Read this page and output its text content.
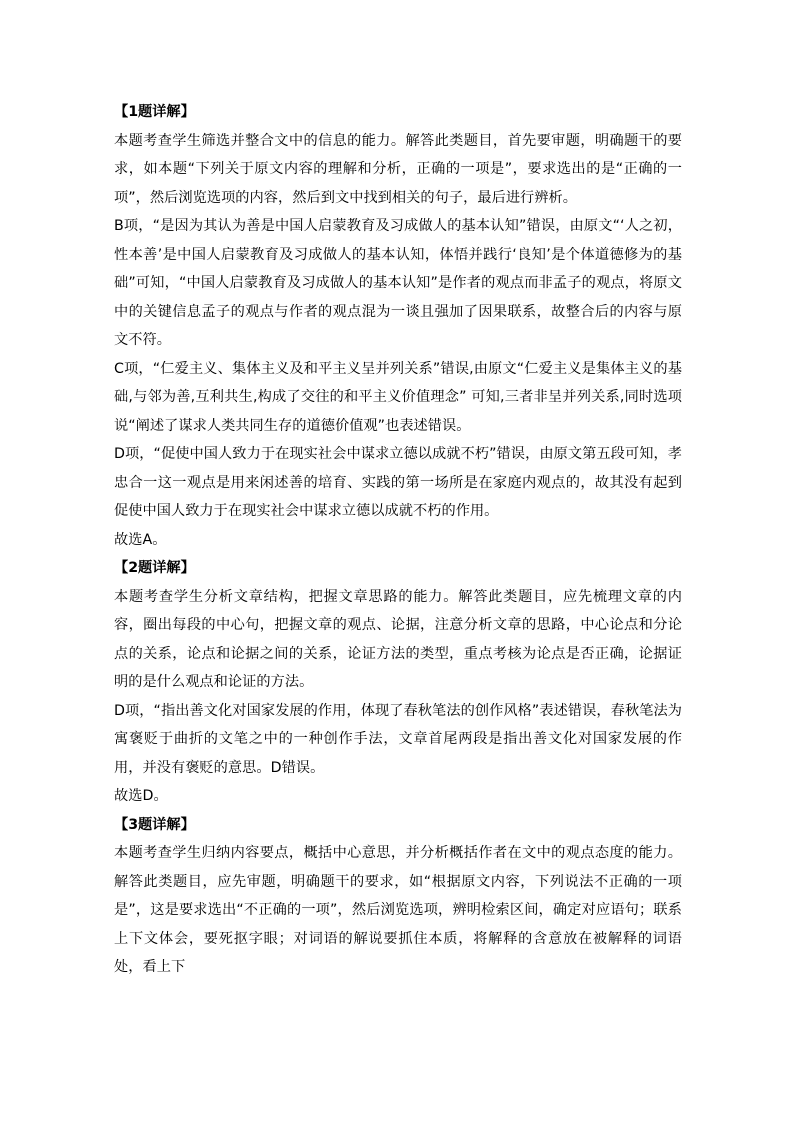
【1题详解】

本题考查学生筛选并整合文中的信息的能力。解答此类题目，首先要审题，明确题干的要求，如本题“下列关于原文内容的理解和分析，正确的一项是”，要求选出的是“正确的一项”，然后浏览选项的内容，然后到文中找到相关的句子，最后进行辨析。

B项，“是因为其认为善是中国人启蒙教育及习成做人的基本认知”错误，由原文“‘人之初，性本善’是中国人启蒙教育及习成做人的基本认知，体悟并践行‘良知’是个体道德修为的基础”可知，“中国人启蒙教育及习成做人的基本认知”是作者的观点而非孟子的观点，将原文中的关键信息孟子的观点与作者的观点混为一谈且强加了因果联系，故整合后的内容与原文不符。

C项，“仁爱主义、集体主义及和平主义呈并列关系”错误,由原文“仁爱主义是集体主义的基础,与邻为善,互利共生,构成了交往的和平主义价值理念” 可知,三者非呈并列关系,同时选项说“阐述了谋求人类共同生存的道德价值观”也表述错误。

D项，“促使中国人致力于在现实社会中谋求立德以成就不朽”错误，由原文第五段可知，孝忠合一这一观点是用来闲述善的培育、实践的第一场所是在家庭内观点的，故其没有起到促使中国人致力于在现实社会中谋求立德以成就不朽的作用。

故选A。

【2题详解】

本题考查学生分析文章结构，把握文章思路的能力。解答此类题目，应先梳理文章的内容，圈出每段的中心句，把握文章的观点、论据，注意分析文章的思路，中心论点和分论点的关系，论点和论据之间的关系，论证方法的类型，重点考核为论点是否正确，论据证明的是什么观点和论证的方法。

D项，“指出善文化对国家发展的作用，体现了春秋笔法的创作风格”表述错误，春秋笔法为寓褒贬于曲折的文笔之中的一种创作手法，文章首尾两段是指出善文化对国家发展的作用，并没有褒贬的意思。D错误。

故选D。

【3题详解】

本题考查学生归纳内容要点，概括中心意思，并分析概括作者在文中的观点态度的能力。解答此类题目，应先审题，明确题干的要求，如“根据原文内容，下列说法不正确的一项是”，这是要求选出“不正确的一项”，然后浏览选项，辨明检索区间，确定对应语句；联系上下文体会，要死抠字眼；对词语的解说要抓住本质，将解释的含意放在被解释的词语处，看上下
